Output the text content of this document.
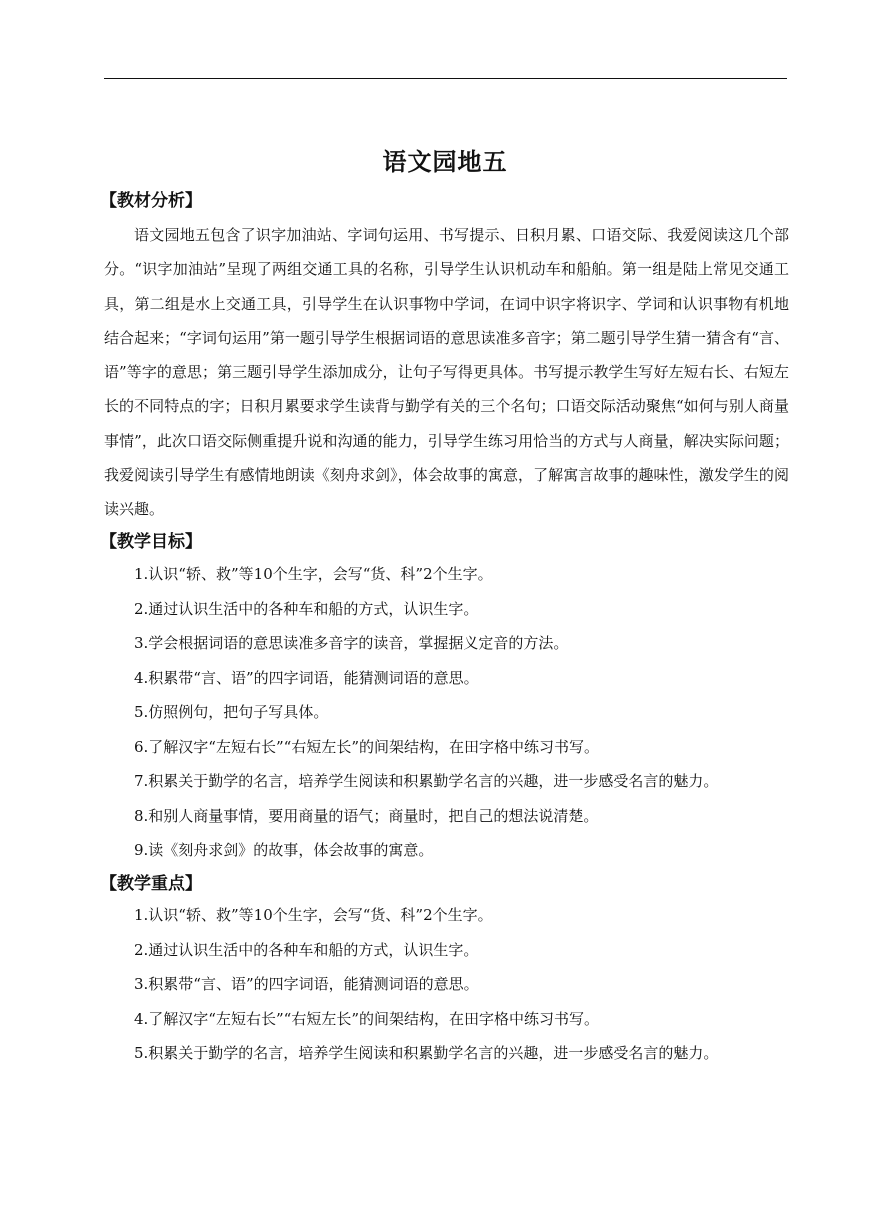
语文园地五
【教材分析】

语文园地五包含了识字加油站、字词句运用、书写提示、日积月累、口语交际、我爱阅读这几个部分。“识字加油站”呈现了两组交通工具的名称，引导学生认识机动车和船舶。第一组是陆上常见交通工具，第二组是水上交通工具，引导学生在认识事物中学词，在词中识字将识字、学词和认识事物有机地结合起来；“字词句运用”第一题引导学生根据词语的意思读准多音字；第二题引导学生猜一猜含有“言、语”等字的意思；第三题引导学生添加成分，让句子写得更具体。书写提示教学生写好左短右长、右短左长的不同特点的字；日积月累要求学生读背与勤学有关的三个名句；口语交际活动聚焦“如何与别人商量事情”，此次口语交际侧重提升说和沟通的能力，引导学生练习用恰当的方式与人商量，解决实际问题；我爱阅读引导学生有感情地朗读《刻舟求剑》，体会故事的寓意，了解寓言故事的趣味性，激发学生的阅读兴趣。

【教学目标】
1.认识“轿、救”等10个生字，会写“货、科”2个生字。
2.通过认识生活中的各种车和船的方式，认识生字。
3.学会根据词语的意思读准多音字的读音，掌握据义定音的方法。
4.积累带“言、语”的四字词语，能猜测词语的意思。
5.仿照例句，把句子写具体。
6.了解汉字“左短右长”“右短左长”的间架结构，在田字格中练习书写。
7.积累关于勤学的名言，培养学生阅读和积累勤学名言的兴趣，进一步感受名言的魅力。
8.和别人商量事情，要用商量的语气；商量时，把自己的想法说清楚。
9.读《刻舟求剑》的故事，体会故事的寓意。
【教学重点】
1.认识“轿、救”等10个生字，会写“货、科”2个生字。
2.通过认识生活中的各种车和船的方式，认识生字。
3.积累带“言、语”的四字词语，能猜测词语的意思。
4.了解汉字“左短右长”“右短左长”的间架结构，在田字格中练习书写。
5.积累关于勤学的名言，培养学生阅读和积累勤学名言的兴趣，进一步感受名言的魅力。
